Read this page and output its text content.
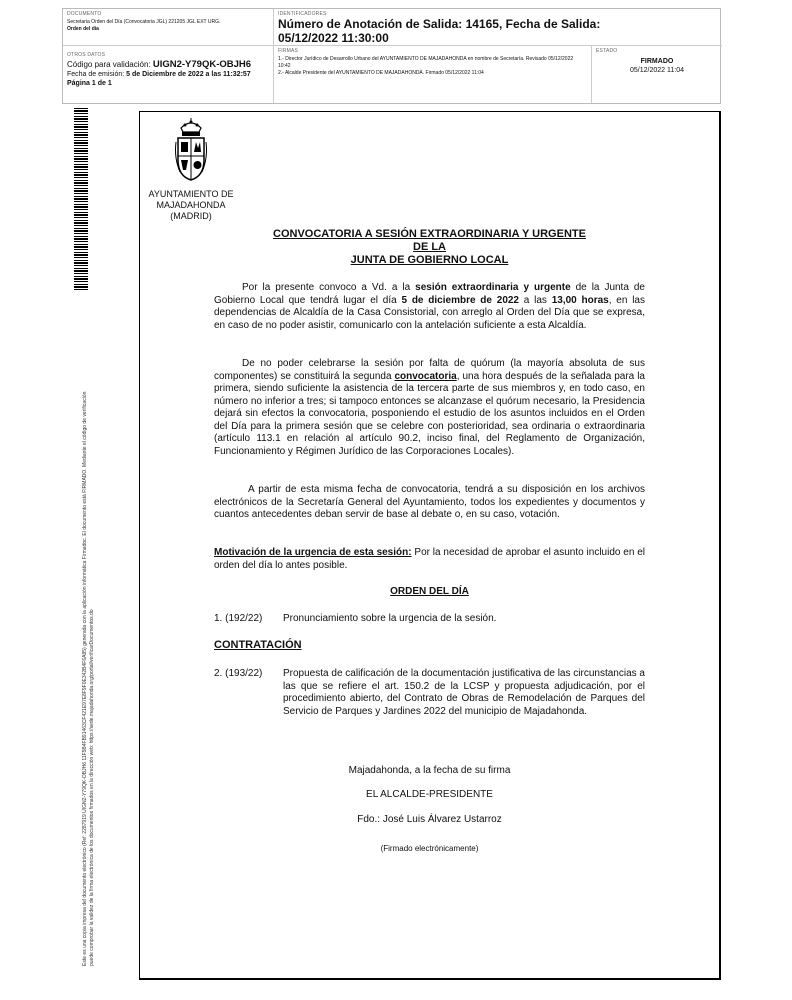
DOCUMENTO
Secretaria Orden del Día (Convocatoria JGL) 221205 JGL EXT URG.
Orden del día
IDENTIFICADORES
Número de Anotación de Salida: 14165, Fecha de Salida: 05/12/2022 11:30:00
OTROS DATOS
Código para validación: UIGN2-Y79QK-OBJH6
Fecha de emisión: 5 de Diciembre de 2022 a las 11:32:57
Página 1 de 1
FIRMAS
1.- Director Jurídico de Desarrollo Urbano del AYUNTAMIENTO DE MAJADAHONDA en nombre de Secretaría. Revisado 05/12/2022 10:42
2.- Alcalde Presidente del AYUNTAMIENTO DE MAJADAHONDA. Firmado 05/12/2022 11:04
ESTADO
FIRMADO
05/12/2022 11:04
Este es una copia impresa del documento electrónico (Ref: 2287919 UIGN2-Y79QK-OBJH6 11F5B4FB91463CF421E97E8F9F0E342B4F6A85) generada con la aplicación informática Firmadoc. El documento está FIRMADO. Mediante el código de verificación puede comprobar la validez de la firma electrónica de los documentos firmados en la dirección web: https://sede.majadahonda.org/portal/verificarDocumentos.do
AYUNTAMIENTO DE
MAJADAHONDA
(MADRID)
CONVOCATORIA A SESIÓN EXTRAORDINARIA Y URGENTE
DE LA
JUNTA DE GOBIERNO LOCAL
Por la presente convoco a Vd. a la sesión extraordinaria y urgente de la Junta de Gobierno Local que tendrá lugar el día 5 de diciembre de 2022 a las 13,00 horas, en las dependencias de Alcaldía de la Casa Consistorial, con arreglo al Orden del Día que se expresa, en caso de no poder asistir, comunicarlo con la antelación suficiente a esta Alcaldía.
De no poder celebrarse la sesión por falta de quórum (la mayoría absoluta de sus componentes) se constituirá la segunda convocatoria, una hora después de la señalada para la primera, siendo suficiente la asistencia de la tercera parte de sus miembros y, en todo caso, en número no inferior a tres; si tampoco entonces se alcanzase el quórum necesario, la Presidencia dejará sin efectos la convocatoria, posponiendo el estudio de los asuntos incluidos en el Orden del Día para la primera sesión que se celebre con posterioridad, sea ordinaria o extraordinaria (artículo 113.1 en relación al artículo 90.2, inciso final, del Reglamento de Organización, Funcionamiento y Régimen Jurídico de las Corporaciones Locales).
A partir de esta misma fecha de convocatoria, tendrá a su disposición en los archivos electrónicos de la Secretaría General del Ayuntamiento, todos los expedientes y documentos y cuantos antecedentes deban servir de base al debate o, en su caso, votación.
Motivación de la urgencia de esta sesión: Por la necesidad de aprobar el asunto incluido en el orden del día lo antes posible.
ORDEN DEL DÍA
1. (192/22)	Pronunciamiento sobre la urgencia de la sesión.
CONTRATACIÓN
2. (193/22)	Propuesta de calificación de la documentación justificativa de las circunstancias a las que se refiere el art. 150.2 de la LCSP y propuesta adjudicación, por el procedimiento abierto, del Contrato de Obras de Remodelación de Parques del Servicio de Parques y Jardines 2022 del municipio de Majadahonda.
Majadahonda, a la fecha de su firma
EL ALCALDE-PRESIDENTE
Fdo.: José Luis Álvarez Ustarroz
(Firmado electrónicamente)
